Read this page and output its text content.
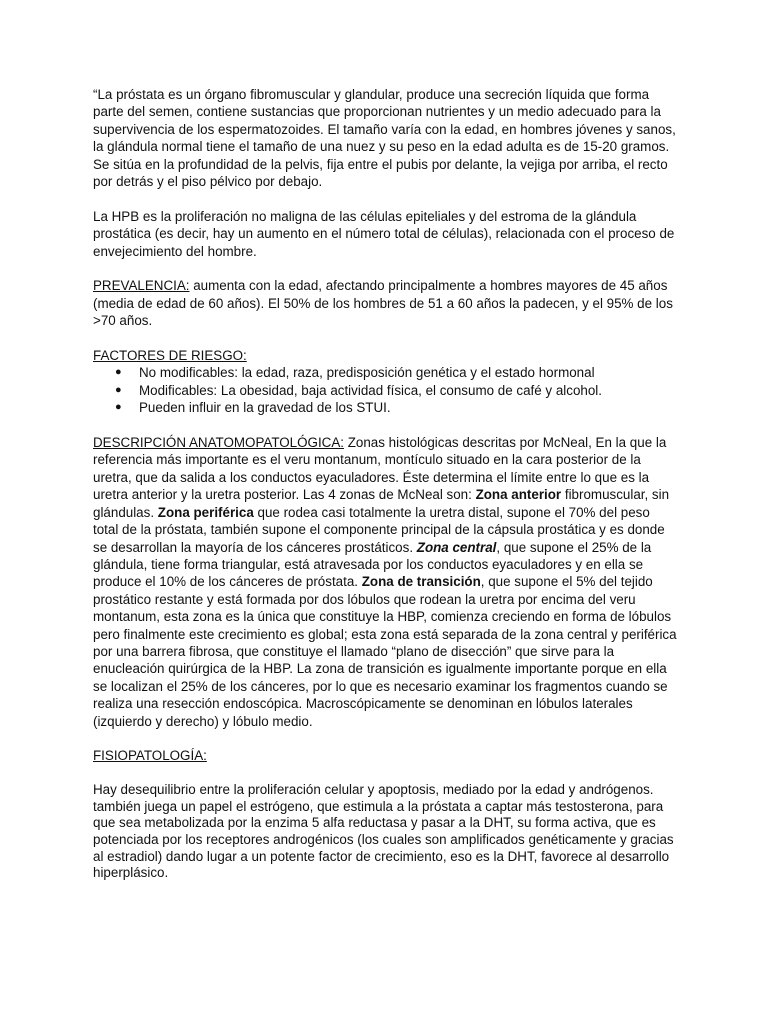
“La próstata es un órgano fibromuscular y glandular, produce una secreción líquida que forma parte del semen, contiene sustancias que proporcionan nutrientes y un medio adecuado para la supervivencia de los espermatozoides. El tamaño varía con la edad, en hombres jóvenes y sanos, la glándula normal tiene el tamaño de una nuez y su peso en la edad adulta es de 15-20 gramos. Se sitúa en la profundidad de la pelvis, fija entre el pubis por delante, la vejiga por arriba, el recto por detrás y el piso pélvico por debajo.

La HPB es la proliferación no maligna de las células epiteliales y del estroma de la glándula prostática (es decir, hay un aumento en el número total de células), relacionada con el proceso de envejecimiento del hombre.

PREVALENCIA: aumenta con la edad, afectando principalmente a hombres mayores de 45 años (media de edad de 60 años). El 50% de los hombres de 51 a 60 años la padecen, y el 95% de los >70 años.

FACTORES DE RIESGO:

● No modificables: la edad, raza, predisposición genética y el estado hormonal
● Modificables: La obesidad, baja actividad física, el consumo de café y alcohol.
● Pueden influir en la gravedad de los STUI.

DESCRIPCIÓN ANATOMOPATOLÓGICA: Zonas histológicas descritas por McNeal, En la que la referencia más importante es el veru montanum, montículo situado en la cara posterior de la uretra, que da salida a los conductos eyaculadores. Éste determina el límite entre lo que es la uretra anterior y la uretra posterior. Las 4 zonas de McNeal son: Zona anterior fibromuscular, sin glándulas. Zona periférica que rodea casi totalmente la uretra distal, supone el 70% del peso total de la próstata, también supone el componente principal de la cápsula prostática y es donde se desarrollan la mayoría de los cánceres prostáticos. Zona central, que supone el 25% de la glándula, tiene forma triangular, está atravesada por los conductos eyaculadores y en ella se produce el 10% de los cánceres de próstata. Zona de transición, que supone el 5% del tejido prostático restante y está formada por dos lóbulos que rodean la uretra por encima del veru montanum, esta zona es la única que constituye la HBP, comienza creciendo en forma de lóbulos pero finalmente este crecimiento es global; esta zona está separada de la zona central y periférica por una barrera fibrosa, que constituye el llamado “plano de disección” que sirve para la enucleación quirúrgica de la HBP. La zona de transición es igualmente importante porque en ella se localizan el 25% de los cánceres, por lo que es necesario examinar los fragmentos cuando se realiza una resección endoscópica. Macroscópicamente se denominan en lóbulos laterales (izquierdo y derecho) y lóbulo medio.

FISIOPATOLOGÍA:

Hay desequilibrio entre la proliferación celular y apoptosis, mediado por la edad y andrógenos. también juega un papel el estrógeno, que estimula a la próstata a captar más testosterona, para que sea metabolizada por la enzima 5 alfa reductasa y pasar a la DHT, su forma activa, que es potenciada por los receptores androgénicos (los cuales son amplificados genéticamente y gracias al estradiol) dando lugar a un potente factor de crecimiento, eso es la DHT, favorece al desarrollo hiperplásico.
